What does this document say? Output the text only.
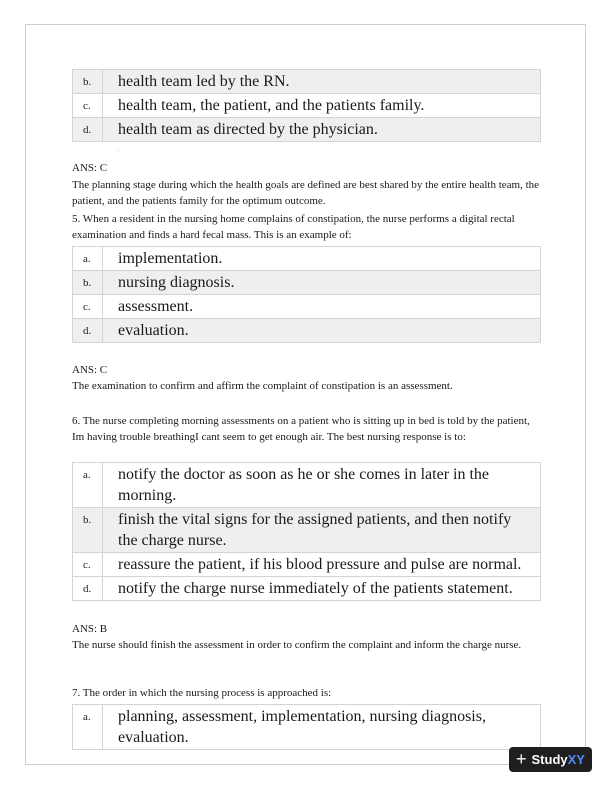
b.	health team led by the RN.
c.	health team, the patient, and the patients family.
d.	health team as directed by the physician.
.

ANS: C

The planning stage during which the health goals are defined are best shared by the entire health team, the patient, and the patients family for the optimum outcome.

5. When a resident in the nursing home complains of constipation, the nurse performs a digital rectal examination and finds a hard fecal mass. This is an example of:

a.	implementation.
b.	nursing diagnosis.
c.	assessment.
d.	evaluation.

ANS: C

The examination to confirm and affirm the complaint of constipation is an assessment.

6. The nurse completing morning assessments on a patient who is sitting up in bed is told by the patient, Im having trouble breathingI cant seem to get enough air. The best nursing response is to:

a.	notify the doctor as soon as he or she comes in later in the morning.
b.	finish the vital signs for the assigned patients, and then notify the charge nurse.
c.	reassure the patient, if his blood pressure and pulse are normal.
d.	notify the charge nurse immediately of the patients statement.

ANS: B

The nurse should finish the assessment in order to confirm the complaint and inform the charge nurse.

7. The order in which the nursing process is approached is:

a.	planning, assessment, implementation, nursing diagnosis, evaluation.
+ StudyXY
